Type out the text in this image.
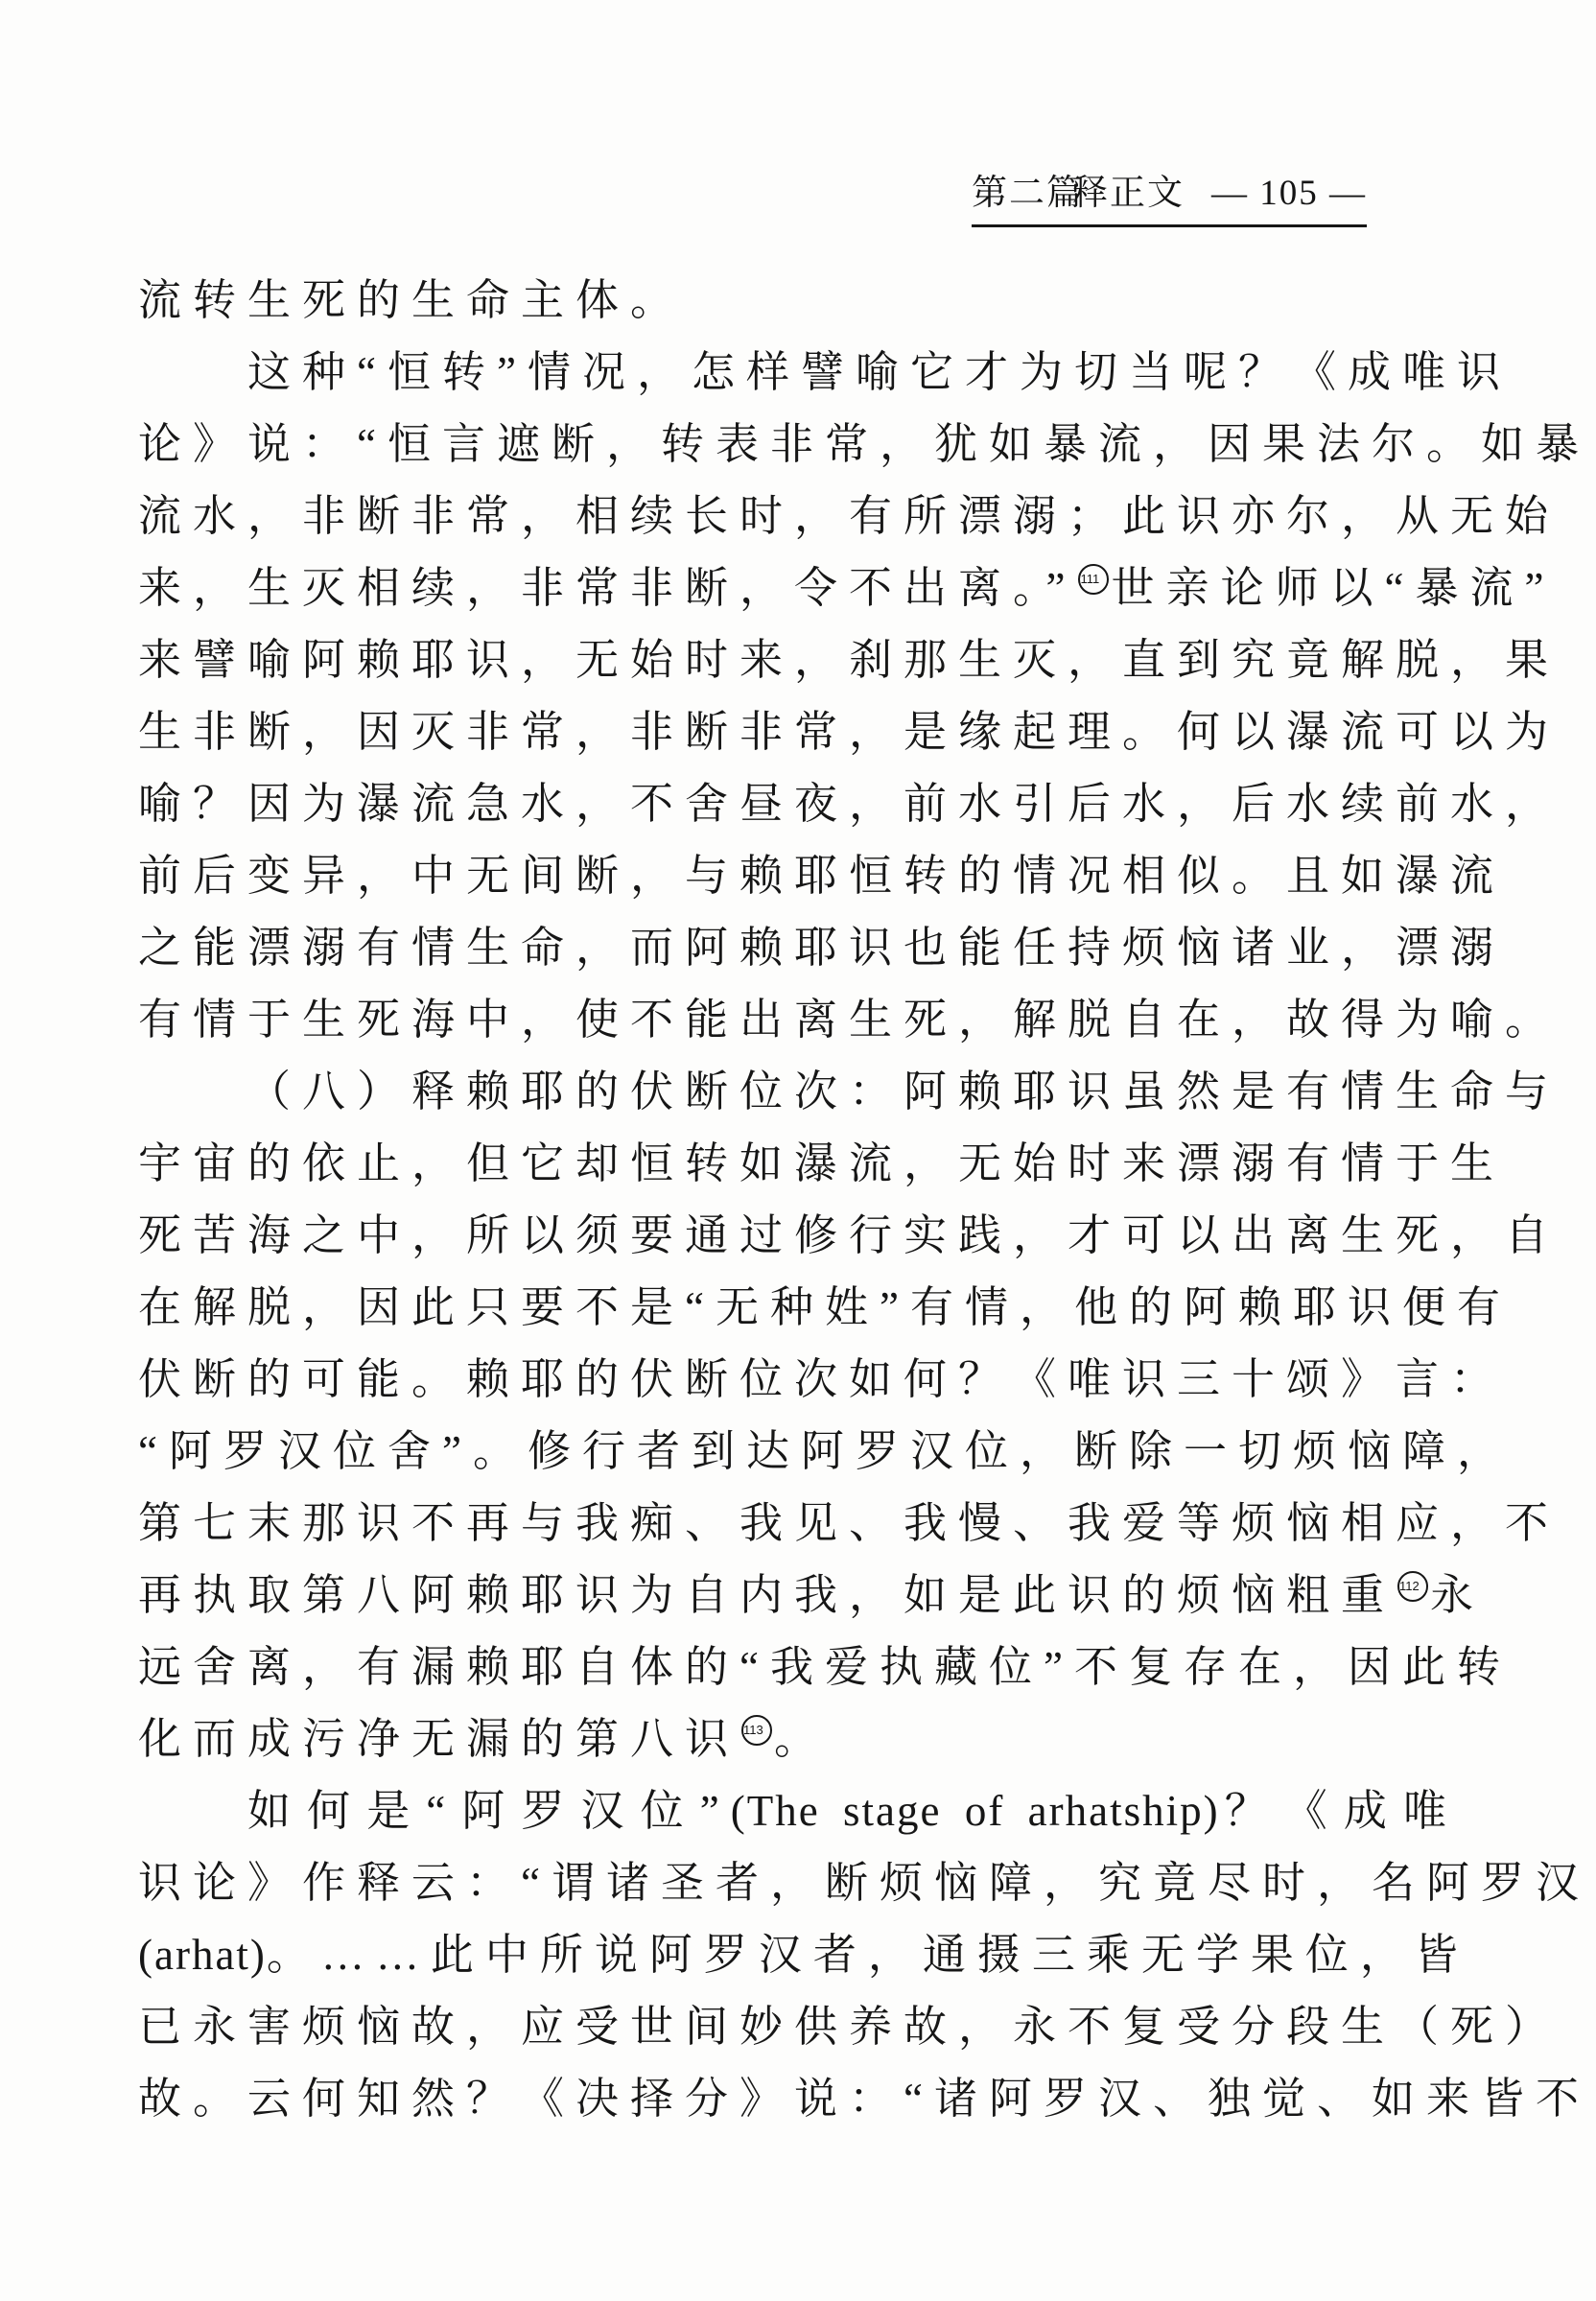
第二篇
释正文 — 105 —
流转生死的生命主体。
这种“恒转”情况，怎样譬喻它才为切当呢？《成唯识
论》说：“恒言遮断，转表非常，犹如暴流，因果法尔。如暴
流水，非断非常，相续长时，有所漂溺；此识亦尔，从无始
来，生灭相续，非常非断，令不出离。” 111 世亲论师以“暴流”
来譬喻阿赖耶识，无始时来，刹那生灭，直到究竟解脱，果
生非断，因灭非常，非断非常，是缘起理。何以瀑流可以为
喻？因为瀑流急水，不舍昼夜，前水引后水，后水续前水，
前后变异，中无间断，与赖耶恒转的情况相似。且如瀑流
之能漂溺有情生命，而阿赖耶识也能任持烦恼诸业，漂溺
有情于生死海中，使不能出离生死，解脱自在，故得为喻。
（八）释赖耶的伏断位次：阿赖耶识虽然是有情生命与
宇宙的依止，但它却恒转如瀑流，无始时来漂溺有情于生
死苦海之中，所以须要通过修行实践，才可以出离生死，自
在解脱，因此只要不是“无种姓”有情，他的阿赖耶识便有
伏断的可能。赖耶的伏断位次如何？《唯识三十颂》言：
“阿罗汉位舍”。修行者到达阿罗汉位，断除一切烦恼障，
第七末那识不再与我痴、我见、我慢、我爱等烦恼相应，不
再执取第八阿赖耶识为自内我，如是此识的烦恼粗重 112 永
远舍离，有漏赖耶自体的“我爱执藏位”不复存在，因此转
化而成污净无漏的第八识 113 。
如何是“阿罗汉位”(The stage of arhatship)？《成唯
识论》作释云：“谓诸圣者，断烦恼障，究竟尽时，名阿罗汉
(arhat)。……此中所说阿罗汉者，通摄三乘无学果位，皆
已永害烦恼故，应受世间妙供养故，永不复受分段生（死）
故。云何知然？《决择分》说：“诸阿罗汉、独觉、如来皆不
